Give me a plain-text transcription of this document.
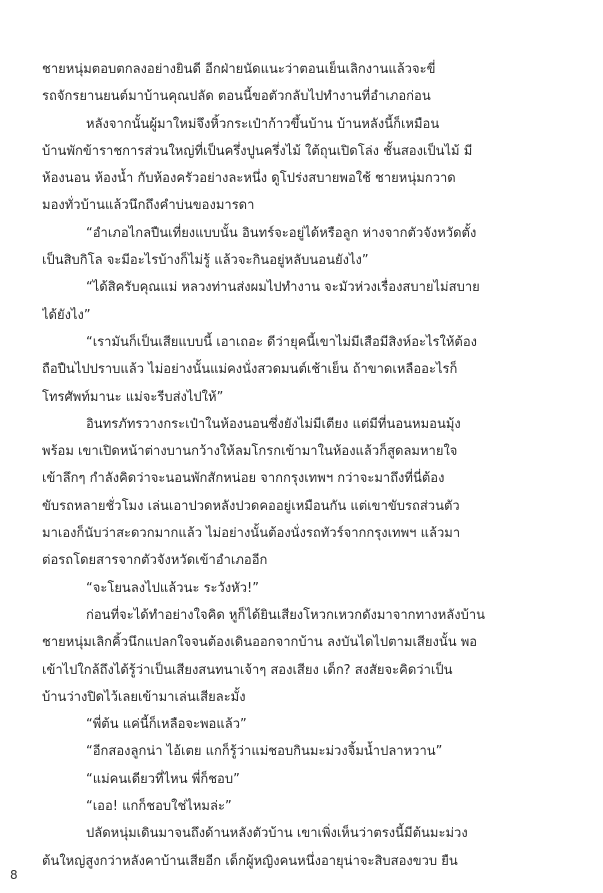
ชายหนุ่มตอบตกลงอย่างยินดี อีกฝ่ายนัดแนะว่าตอนเย็นเลิกงานแล้วจะขี่
รถจักรยานยนต์มาบ้านคุณปลัด ตอนนี้ขอตัวกลับไปทำงานที่อำเภอก่อน
หลังจากนั้นผู้มาใหม่จึงหิ้วกระเป๋าก้าวขึ้นบ้าน บ้านหลังนี้ก็เหมือน
บ้านพักข้าราชการส่วนใหญ่ที่เป็นครึ่งปูนครึ่งไม้ ใต้ถุนเปิดโล่ง ชั้นสองเป็นไม้ มี
ห้องนอน ห้องน้ำ กับห้องครัวอย่างละหนึ่ง ดูโปร่งสบายพอใช้ ชายหนุ่มกวาด
มองทั่วบ้านแล้วนึกถึงคำบ่นของมารดา
“อำเภอไกลปืนเที่ยงแบบนั้น อินทร์จะอยู่ได้หรือลูก ห่างจากตัวจังหวัดตั้ง
เป็นสิบกิโล จะมีอะไรบ้างก็ไม่รู้ แล้วจะกินอยู่หลับนอนยังไง”
“ได้สิครับคุณแม่ หลวงท่านส่งผมไปทำงาน จะมัวห่วงเรื่องสบายไม่สบาย
ได้ยังไง”
“เรามันก็เป็นเสียแบบนี้ เอาเถอะ ดีว่ายุคนี้เขาไม่มีเสือมีสิงห์อะไรให้ต้อง
ถือปืนไปปราบแล้ว ไม่อย่างนั้นแม่คงนั่งสวดมนต์เช้าเย็น ถ้าขาดเหลืออะไรก็
โทรศัพท์มานะ แม่จะรีบส่งไปให้”
อินทรภัทรวางกระเป๋าในห้องนอนซึ่งยังไม่มีเตียง แต่มีที่นอนหมอนมุ้ง
พร้อม เขาเปิดหน้าต่างบานกว้างให้ลมโกรกเข้ามาในห้องแล้วก็สูดลมหายใจ
เข้าลึกๆ กำลังคิดว่าจะนอนพักสักหน่อย จากกรุงเทพฯ กว่าจะมาถึงที่นี่ต้อง
ขับรถหลายชั่วโมง เล่นเอาปวดหลังปวดคออยู่เหมือนกัน แต่เขาขับรถส่วนตัว
มาเองก็นับว่าสะดวกมากแล้ว ไม่อย่างนั้นต้องนั่งรถทัวร์จากกรุงเทพฯ แล้วมา
ต่อรถโดยสารจากตัวจังหวัดเข้าอำเภออีก
“จะโยนลงไปแล้วนะ ระวังหัว!”
ก่อนที่จะได้ทำอย่างใจคิด หูก็ได้ยินเสียงโหวกเหวกดังมาจากทางหลังบ้าน
ชายหนุ่มเลิกคิ้วนึกแปลกใจจนต้องเดินออกจากบ้าน ลงบันไดไปตามเสียงนั้น พอ
เข้าไปใกล้ถึงได้รู้ว่าเป็นเสียงสนทนาเจ้าๆ สองเสียง เด็ก? สงสัยจะคิดว่าเป็น
บ้านว่างปิดไว้เลยเข้ามาเล่นเสียละมั้ง
“พี่ต้น แค่นี้ก็เหลือจะพอแล้ว”
“อีกสองลูกน่า ไอ้เตย แกก็รู้ว่าแม่ชอบกินมะม่วงจิ้มน้ำปลาหวาน”
“แม่คนเดียวที่ไหน พี่ก็ชอบ”
“เออ! แกก็ชอบใช่ไหมล่ะ”
ปลัดหนุ่มเดินมาจนถึงด้านหลังตัวบ้าน เขาเพิ่งเห็นว่าตรงนี้มีต้นมะม่วง
ต้นใหญ่สูงกว่าหลังคาบ้านเสียอีก เด็กผู้หญิงคนหนึ่งอายุน่าจะสิบสองขวบ ยืน
8
